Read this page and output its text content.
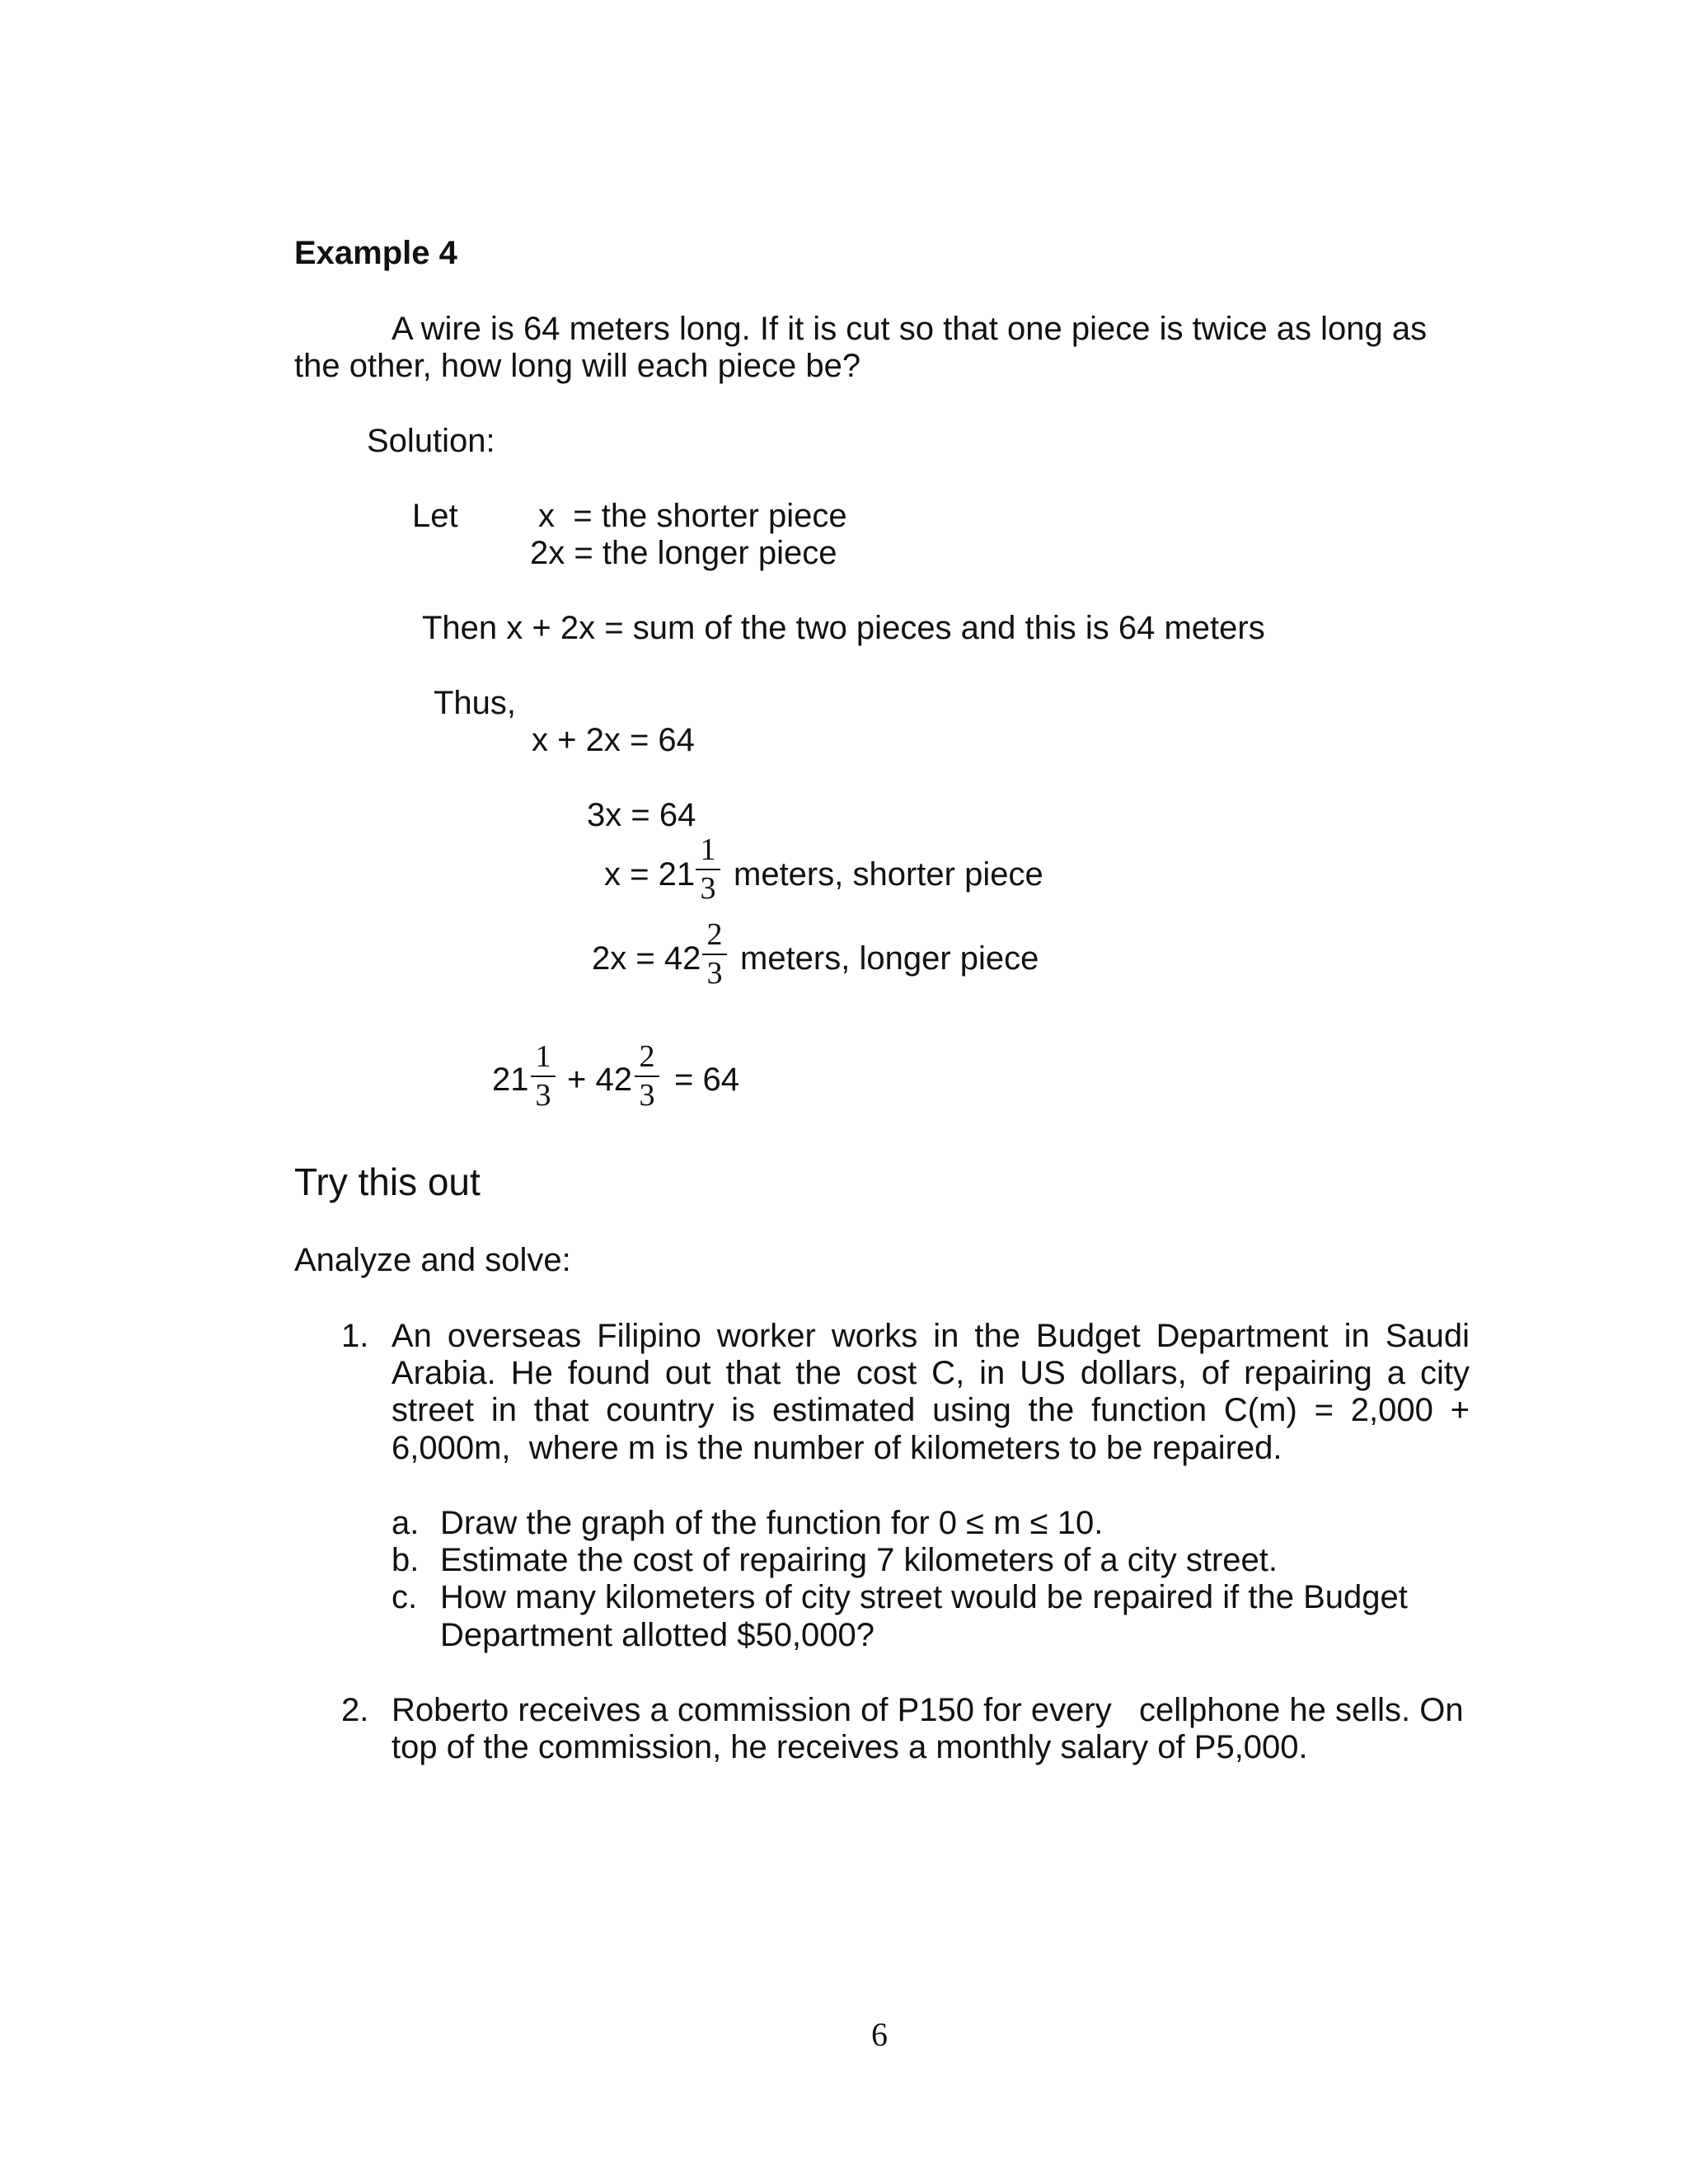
Example 4
A wire is 64 meters long. If it is cut so that one piece is twice as long as
the other, how long will each piece be?
Solution:
Let x  = the shorter piece
2x = the longer piece
Then x + 2x = sum of the two pieces and this is 64 meters
Thus,
x + 2x = 64
3x = 64
x = 21
1
3 meters, shorter piece
2x = 42
2
3 meters, longer piece
21
1
3 + 42
2
3 = 64
Try this out
Analyze and solve:
1. An overseas Filipino worker works in the Budget Department in Saudi
Arabia. He found out that the cost C, in US dollars, of repairing a city
street in that country is estimated using the function C(m) = 2,000 +
6,000m,  where m is the number of kilometers to be repaired.
a. Draw the graph of the function for 0 ≤ m ≤ 10.
b. Estimate the cost of repairing 7 kilometers of a city street.
c. How many kilometers of city street would be repaired if the Budget
Department allotted $50,000?
2. Roberto receives a commission of P150 for every   cellphone he sells. On
top of the commission, he receives a monthly salary of P5,000.
6
